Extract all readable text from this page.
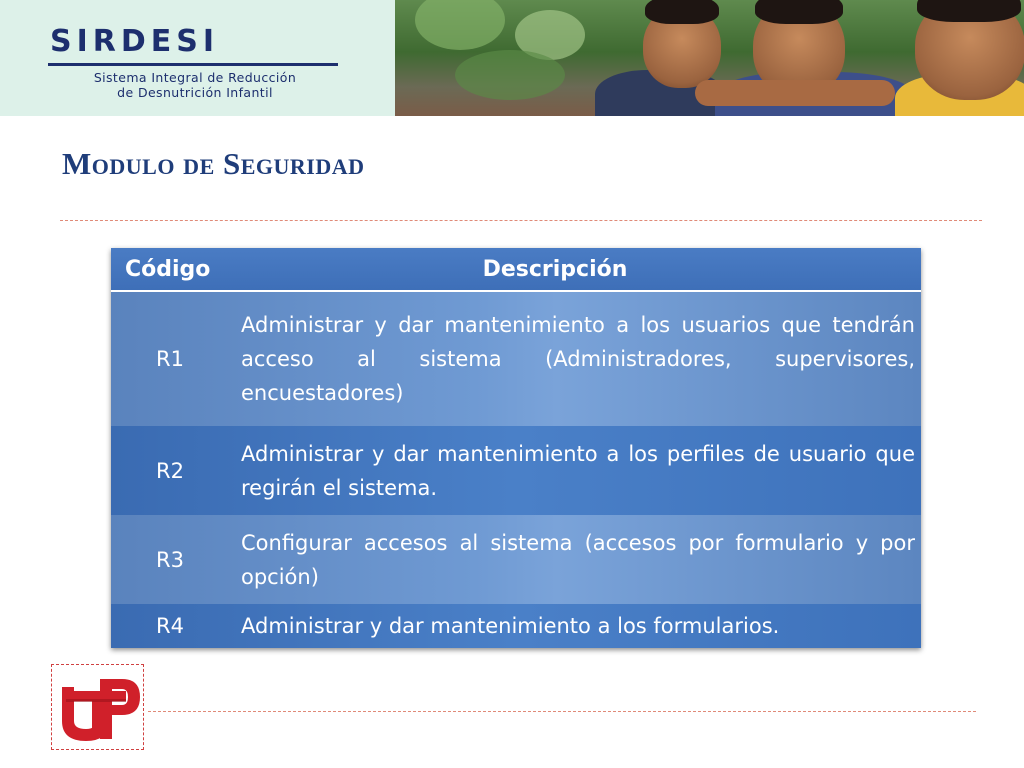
SIRDESI
Sistema Integral de Reducción
de Desnutrición Infantil
Modulo de Seguridad
Código	Descripción
R1
Administrar y dar mantenimiento a los usuarios que tendrán acceso al sistema (Administradores, supervisores, encuestadores)
R2
Administrar y dar mantenimiento a los perfiles de usuario que regirán el sistema.
R3
Configurar accesos al sistema (accesos por formulario y por opción)
R4	Administrar y dar mantenimiento a los formularios.
